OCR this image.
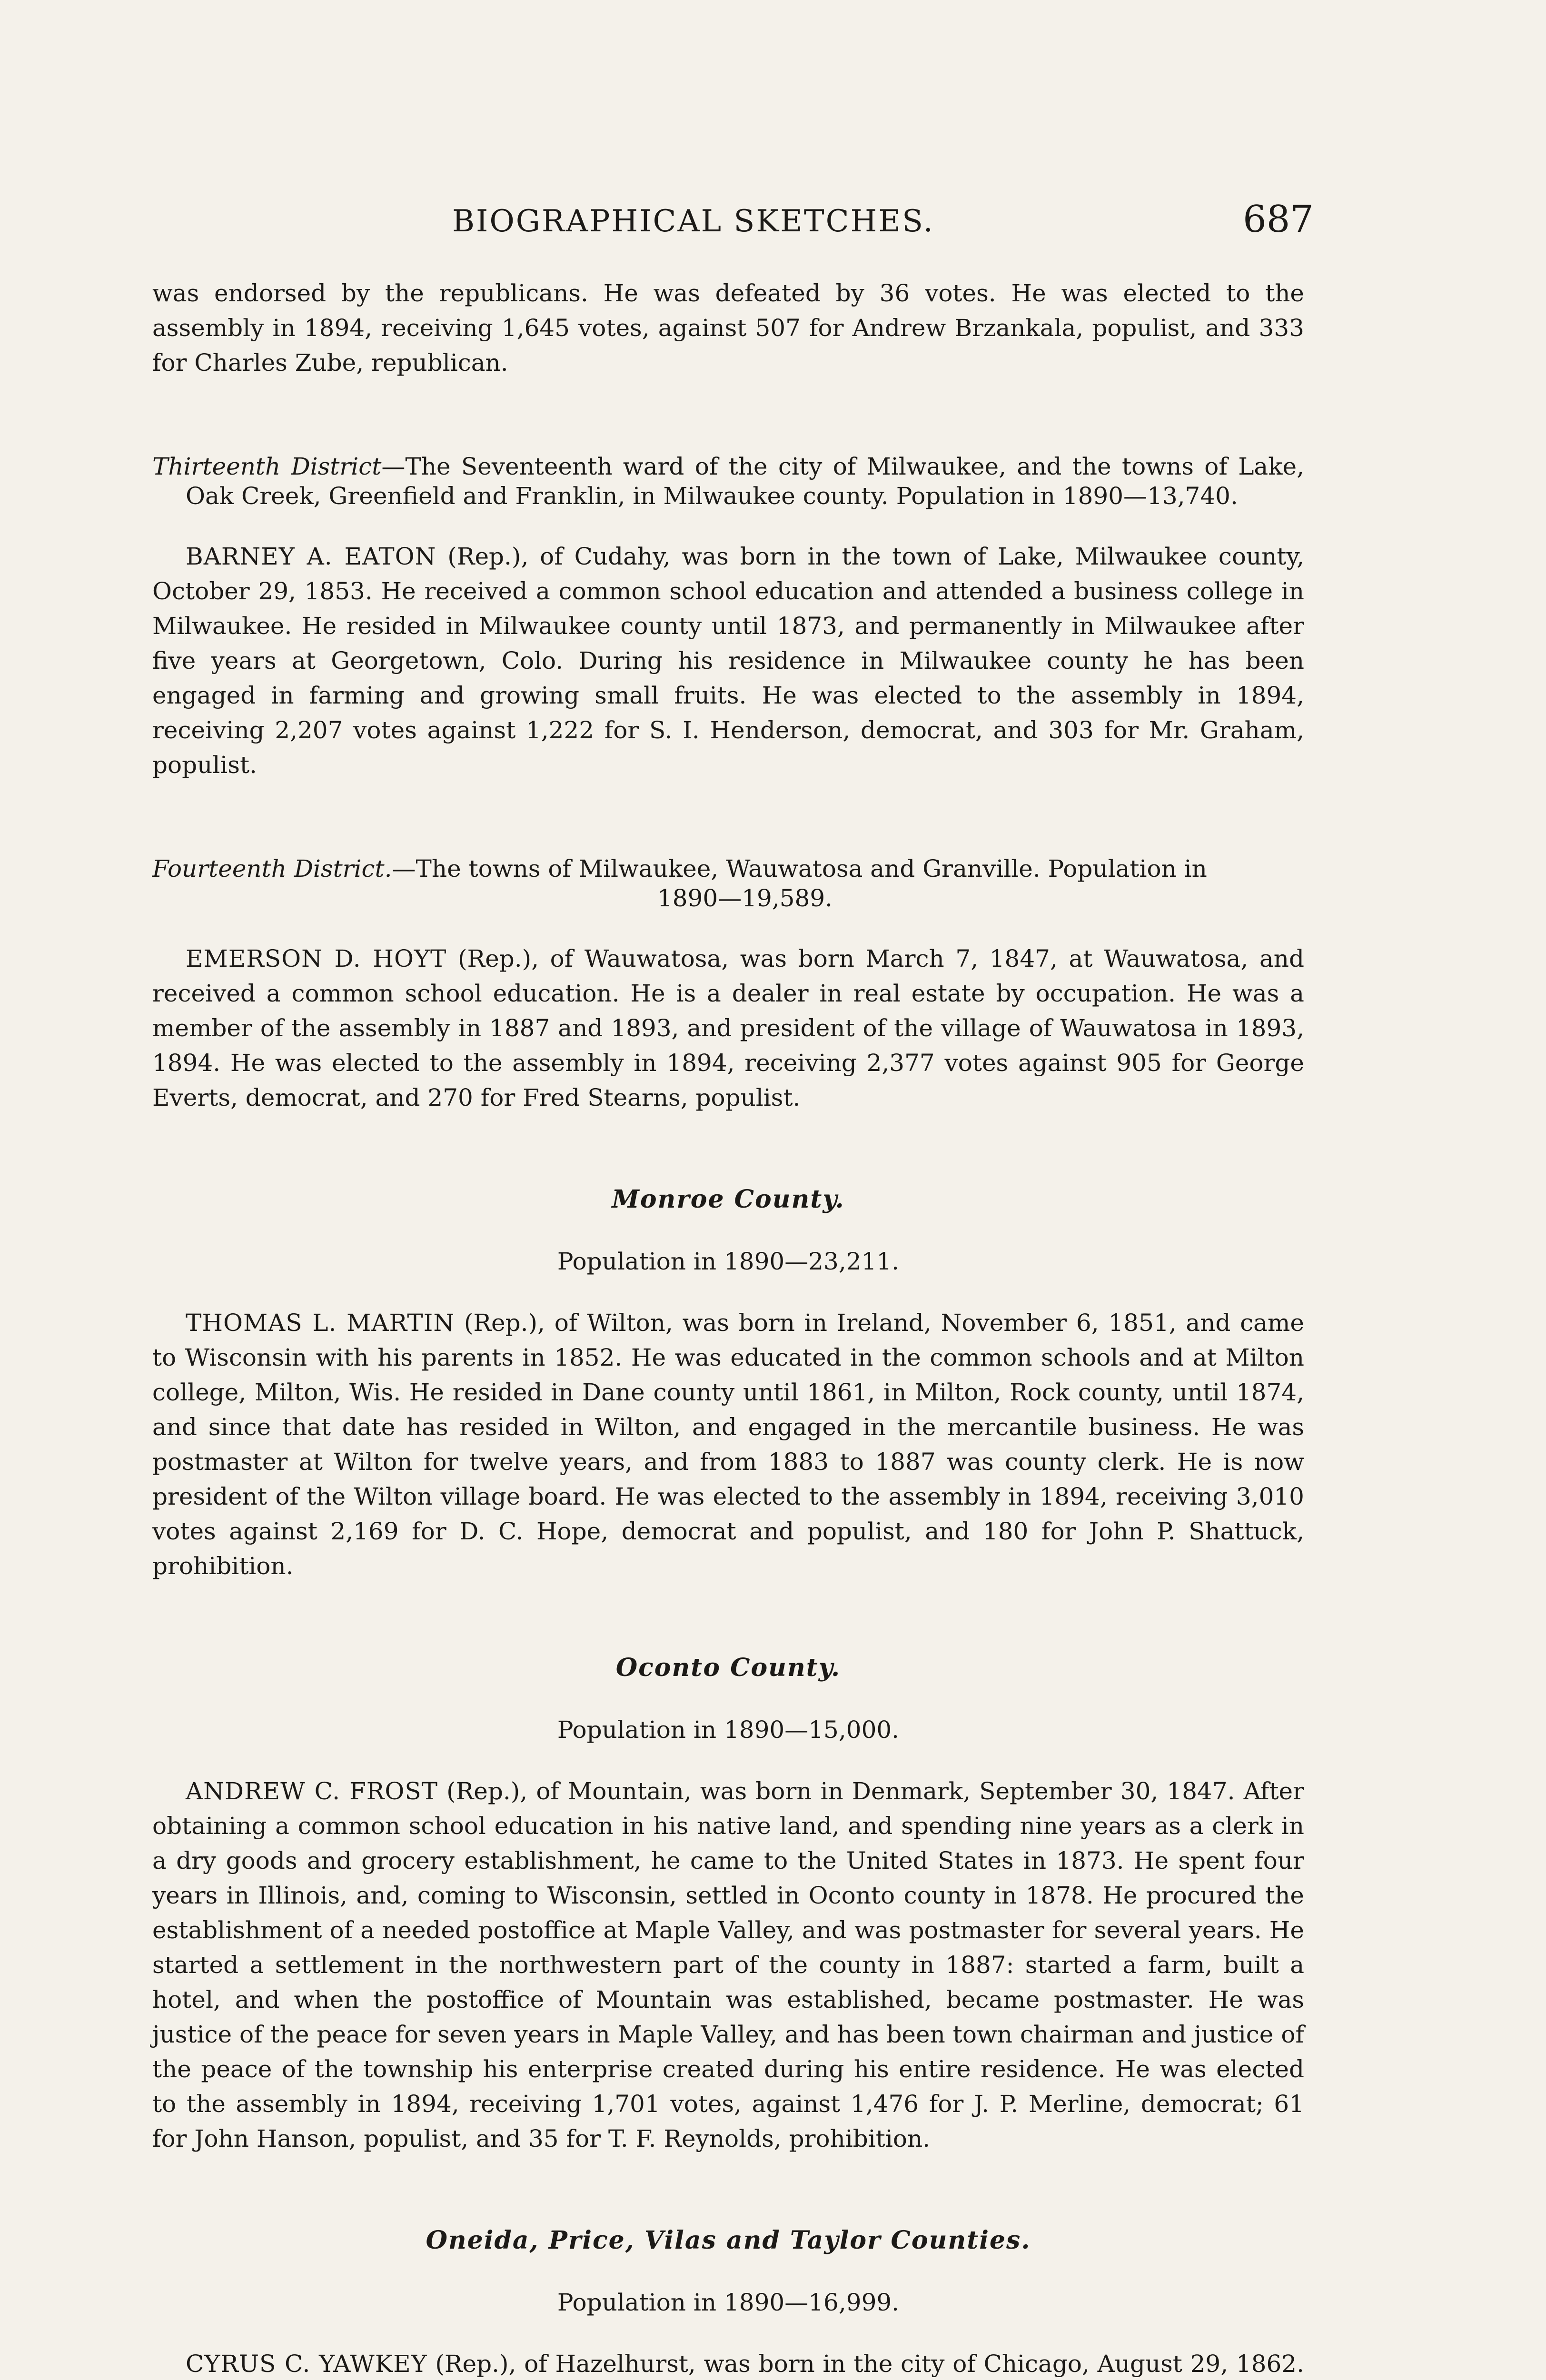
BIOGRAPHICAL SKETCHES.	687

was endorsed by the republicans. He was defeated by 36 votes. He was elected to the assembly in 1894, receiving 1,645 votes, against 507 for Andrew Brzankala, populist, and 333 for Charles Zube, republican.

Thirteenth District—The Seventeenth ward of the city of Milwaukee, and the towns of Lake, Oak Creek, Greenfield and Franklin, in Milwaukee county. Population in 1890—13,740.

BARNEY A. EATON (Rep.), of Cudahy, was born in the town of Lake, Milwaukee county, October 29, 1853. He received a common school education and attended a business college in Milwaukee. He resided in Milwaukee county until 1873, and permanently in Milwaukee after five years at Georgetown, Colo. During his residence in Milwaukee county he has been engaged in farming and growing small fruits. He was elected to the assembly in 1894, receiving 2,207 votes against 1,222 for S. I. Henderson, democrat, and 303 for Mr. Graham, populist.

Fourteenth District.—The towns of Milwaukee, Wauwatosa and Granville. Population in
1890—19,589.

EMERSON D. HOYT (Rep.), of Wauwatosa, was born March 7, 1847, at Wauwatosa, and received a common school education. He is a dealer in real estate by occupation. He was a member of the assembly in 1887 and 1893, and president of the village of Wauwatosa in 1893, 1894. He was elected to the assembly in 1894, receiving 2,377 votes against 905 for George Everts, democrat, and 270 for Fred Stearns, populist.

Monroe County.

Population in 1890—23,211.

THOMAS L. MARTIN (Rep.), of Wilton, was born in Ireland, November 6, 1851, and came to Wisconsin with his parents in 1852. He was educated in the common schools and at Milton college, Milton, Wis. He resided in Dane county until 1861, in Milton, Rock county, until 1874, and since that date has resided in Wilton, and engaged in the mercantile business. He was postmaster at Wilton for twelve years, and from 1883 to 1887 was county clerk. He is now president of the Wilton village board. He was elected to the assembly in 1894, receiving 3,010 votes against 2,169 for D. C. Hope, democrat and populist, and 180 for John P. Shattuck, prohibition.

Oconto County.

Population in 1890—15,000.

ANDREW C. FROST (Rep.), of Mountain, was born in Denmark, September 30, 1847. After obtaining a common school education in his native land, and spending nine years as a clerk in a dry goods and grocery establishment, he came to the United States in 1873. He spent four years in Illinois, and, coming to Wisconsin, settled in Oconto county in 1878. He procured the establishment of a needed postoffice at Maple Valley, and was postmaster for several years. He started a settlement in the northwestern part of the county in 1887: started a farm, built a hotel, and when the postoffice of Mountain was established, became postmaster. He was justice of the peace for seven years in Maple Valley, and has been town chairman and justice of the peace of the township his enterprise created during his entire residence. He was elected to the assembly in 1894, receiving 1,701 votes, against 1,476 for J. P. Merline, democrat; 61 for John Hanson, populist, and 35 for T. F. Reynolds, prohibition.

Oneida, Price, Vilas and Taylor Counties.

Population in 1890—16,999.

CYRUS C. YAWKEY (Rep.), of Hazelhurst, was born in the city of Chicago, August 29, 1862.
